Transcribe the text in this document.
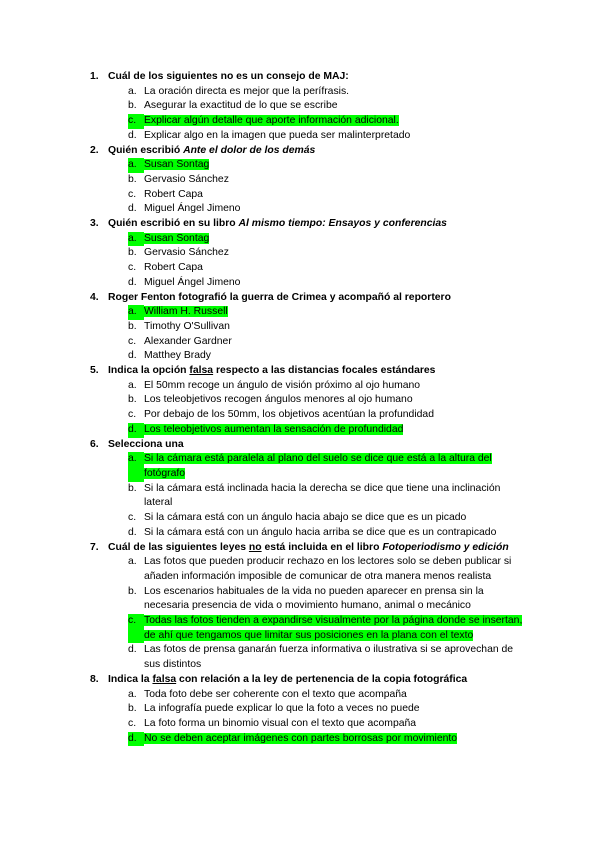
1. Cuál de los siguientes no es un consejo de MAJ:
a. La oración directa es mejor que la perífrasis.
b. Asegurar la exactitud de lo que se escribe
c. Explicar algún detalle que aporte información adicional.
d. Explicar algo en la imagen que pueda ser malinterpretado
2. Quién escribió Ante el dolor de los demás
a. Susan Sontag
b. Gervasio Sánchez
c. Robert Capa
d. Miguel Ángel Jimeno
3. Quién escribió en su libro Al mismo tiempo: Ensayos y conferencias
a. Susan Sontag
b. Gervasio Sánchez
c. Robert Capa
d. Miguel Ángel Jimeno
4. Roger Fenton fotografió la guerra de Crimea y acompañó al reportero
a. William H. Russell
b. Timothy O'Sullivan
c. Alexander Gardner
d. Matthey Brady
5. Indica la opción falsa respecto a las distancias focales estándares
a. El 50mm recoge un ángulo de visión próximo al ojo humano
b. Los teleobjetivos recogen ángulos menores al ojo humano
c. Por debajo de los 50mm, los objetivos acentúan la profundidad
d. Los teleobjetivos aumentan la sensación de profundidad
6. Selecciona una
a. Si la cámara está paralela al plano del suelo se dice que está a la altura del fotógrafo
b. Si la cámara está inclinada hacia la derecha se dice que tiene una inclinación lateral
c. Si la cámara está con un ángulo hacia abajo se dice que es un picado
d. Si la cámara está con un ángulo hacia arriba se dice que es un contrapicado
7. Cuál de las siguientes leyes no está incluida en el libro Fotoperiodismo y edición
a. Las fotos que pueden producir rechazo en los lectores solo se deben publicar si añaden información imposible de comunicar de otra manera menos realista
b. Los escenarios habituales de la vida no pueden aparecer en prensa sin la necesaria presencia de vida o movimiento humano, animal o mecánico
c. Todas las fotos tienden a expandirse visualmente por la página donde se insertan, de ahí que tengamos que limitar sus posiciones en la plana con el texto
d. Las fotos de prensa ganarán fuerza informativa o ilustrativa si se aprovechan de sus distintos
8. Indica la falsa con relación a la ley de pertenencia de la copia fotográfica
a. Toda foto debe ser coherente con el texto que acompaña
b. La infografía puede explicar lo que la foto a veces no puede
c. La foto forma un binomio visual con el texto que acompaña
d. No se deben aceptar imágenes con partes borrosas por movimiento
